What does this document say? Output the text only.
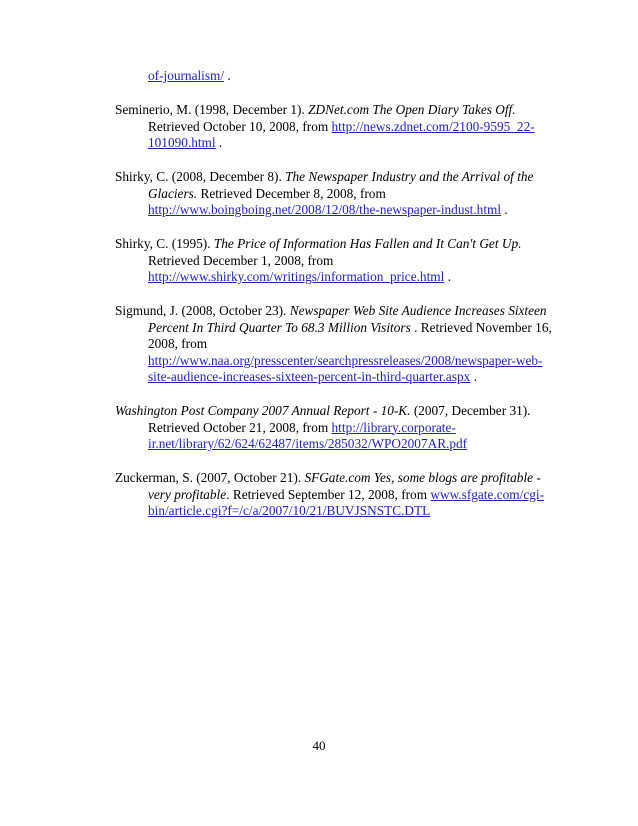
of-journalism/ .

Seminerio, M. (1998, December 1). ZDNet.com The Open Diary Takes Off. Retrieved October 10, 2008, from http://news.zdnet.com/2100-9595_22-101090.html .

Shirky, C. (2008, December 8). The Newspaper Industry and the Arrival of the Glaciers. Retrieved December 8, 2008, from http://www.boingboing.net/2008/12/08/the-newspaper-indust.html .

Shirky, C. (1995). The Price of Information Has Fallen and It Can't Get Up. Retrieved December 1, 2008, from http://www.shirky.com/writings/information_price.html .

Sigmund, J. (2008, October 23). Newspaper Web Site Audience Increases Sixteen Percent In Third Quarter To 68.3 Million Visitors . Retrieved November 16, 2008, from http://www.naa.org/presscenter/searchpressreleases/2008/newspaper-web-site-audience-increases-sixteen-percent-in-third-quarter.aspx .

Washington Post Company 2007 Annual Report - 10-K. (2007, December 31). Retrieved October 21, 2008, from http://library.corporate-ir.net/library/62/624/62487/items/285032/WPO2007AR.pdf

Zuckerman, S. (2007, October 21). SFGate.com Yes, some blogs are profitable - very profitable. Retrieved September 12, 2008, from www.sfgate.com/cgi-bin/article.cgi?f=/c/a/2007/10/21/BUVJSNSTC.DTL

40
